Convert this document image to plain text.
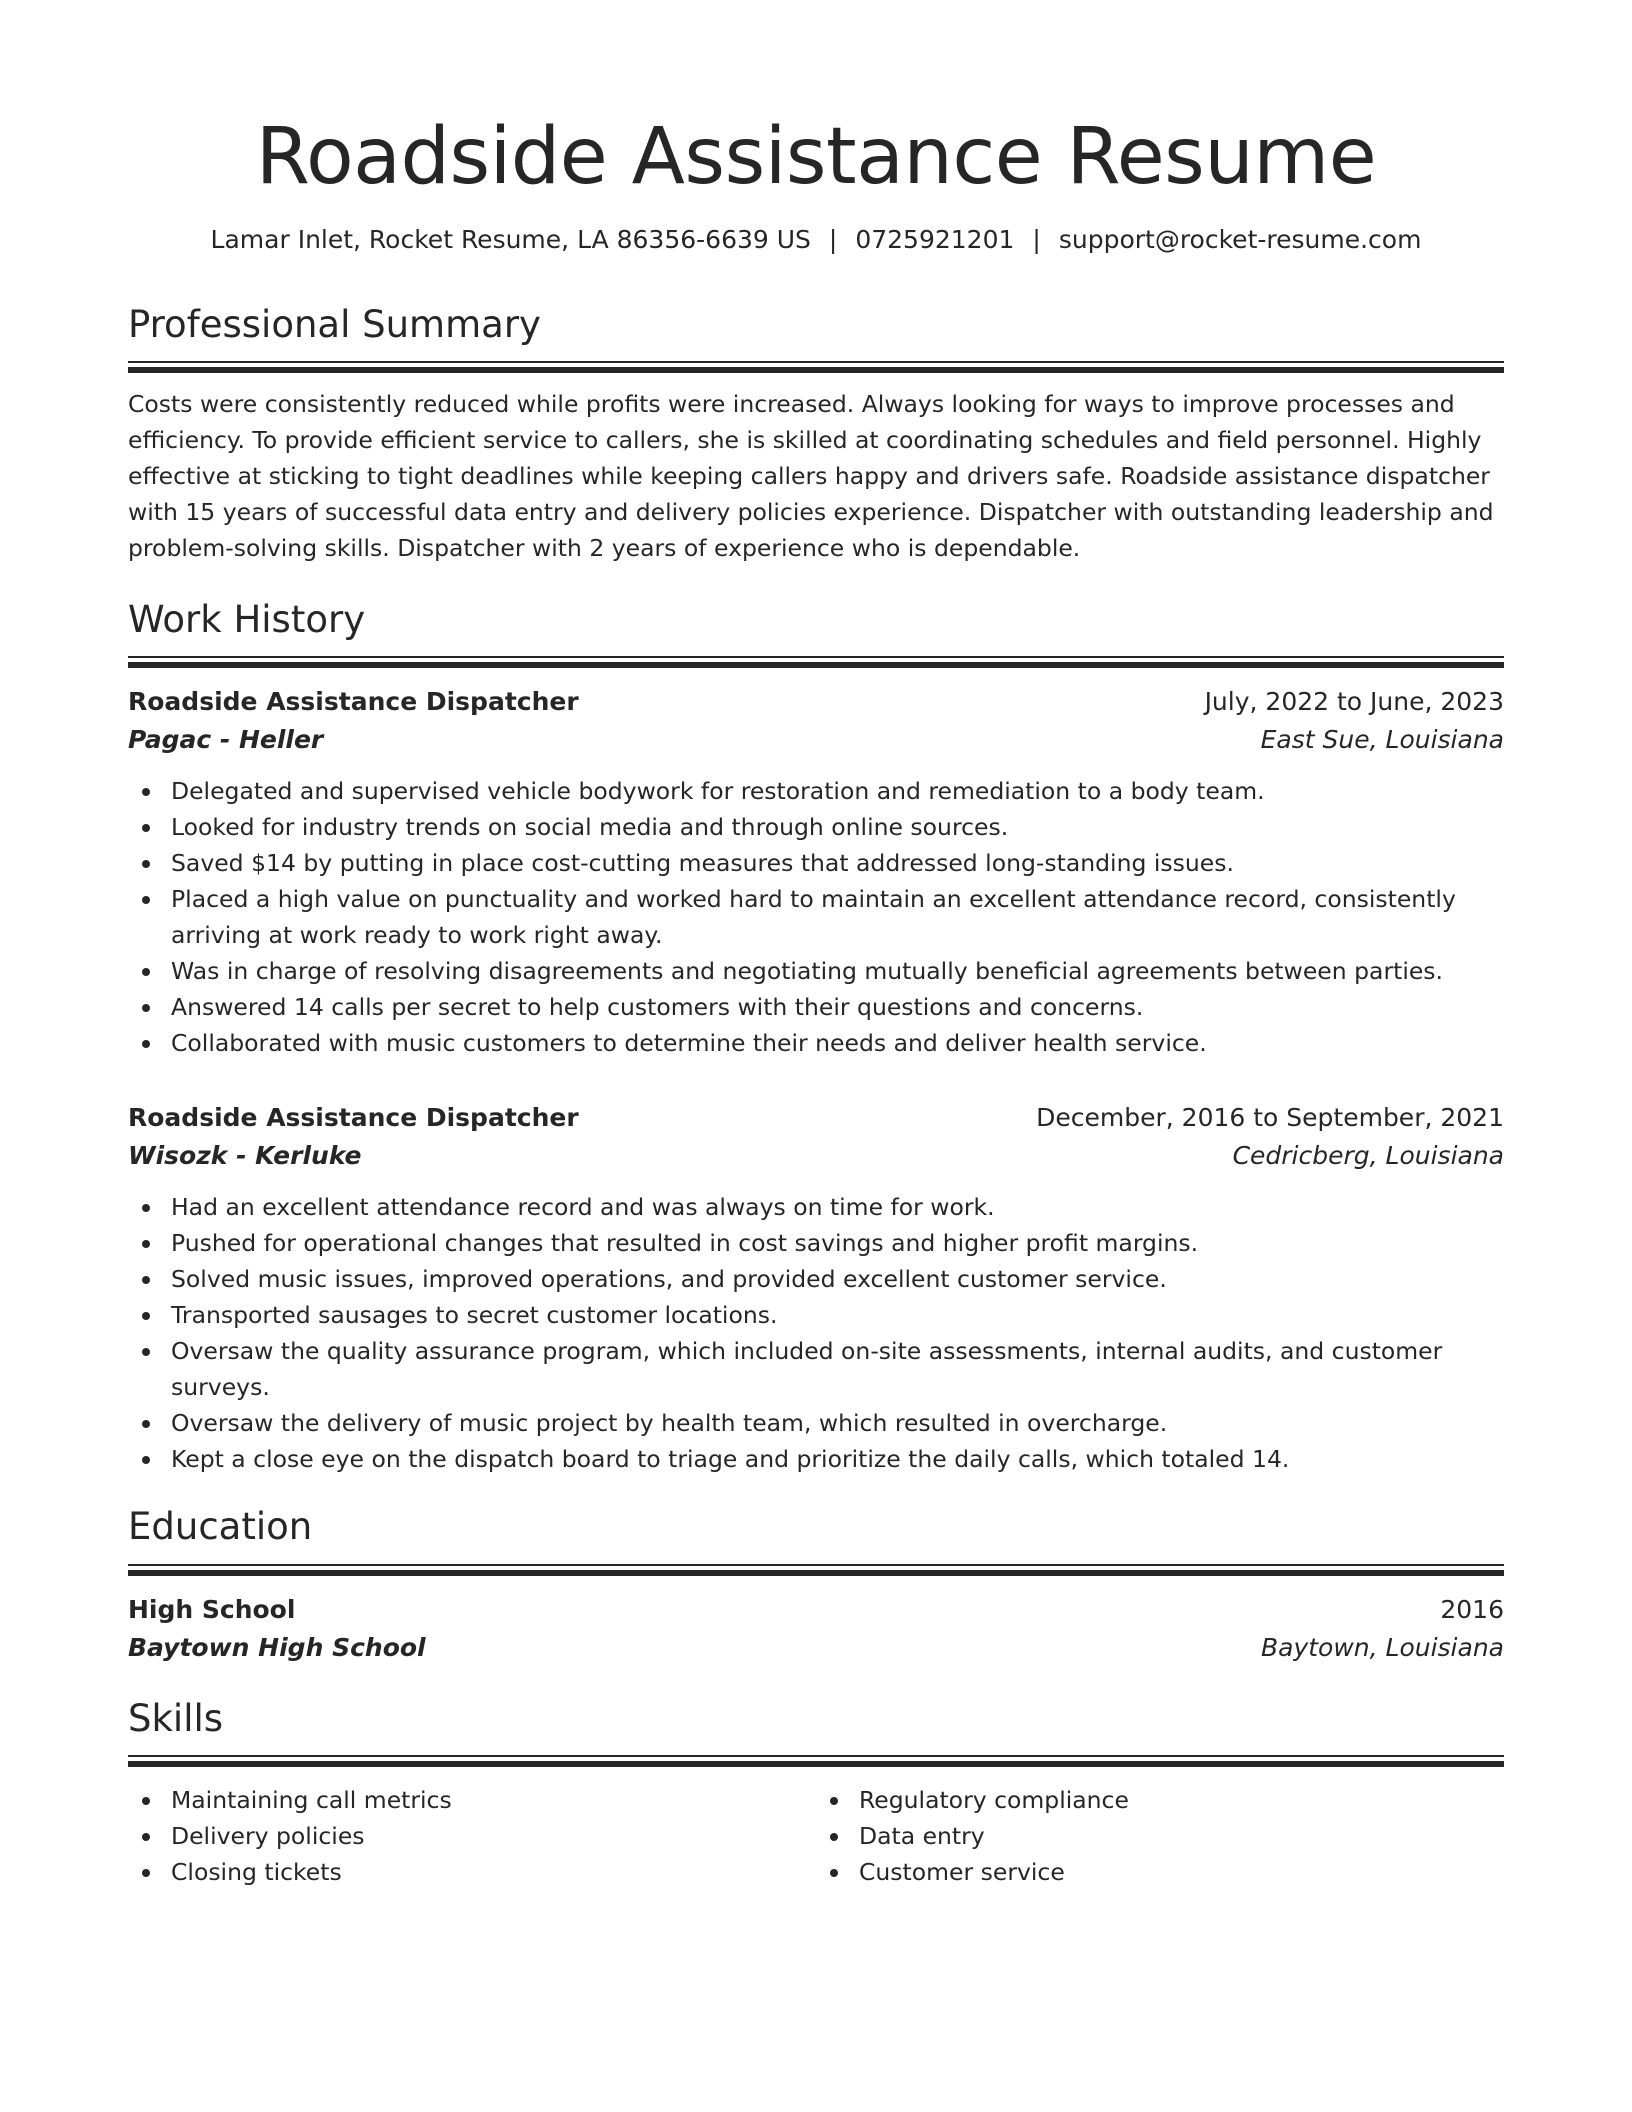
Roadside Assistance Resume
Lamar Inlet, Rocket Resume, LA 86356-6639 US | 0725921201 | support@rocket-resume.com
Professional Summary
Costs were consistently reduced while profits were increased. Always looking for ways to improve processes and efficiency. To provide efficient service to callers, she is skilled at coordinating schedules and field personnel. Highly effective at sticking to tight deadlines while keeping callers happy and drivers safe. Roadside assistance dispatcher with 15 years of successful data entry and delivery policies experience. Dispatcher with outstanding leadership and problem-solving skills. Dispatcher with 2 years of experience who is dependable.
Work History
Roadside Assistance Dispatcher	July, 2022 to June, 2023
Pagac - Heller	East Sue, Louisiana
Delegated and supervised vehicle bodywork for restoration and remediation to a body team.
Looked for industry trends on social media and through online sources.
Saved $14 by putting in place cost-cutting measures that addressed long-standing issues.
Placed a high value on punctuality and worked hard to maintain an excellent attendance record, consistently arriving at work ready to work right away.
Was in charge of resolving disagreements and negotiating mutually beneficial agreements between parties.
Answered 14 calls per secret to help customers with their questions and concerns.
Collaborated with music customers to determine their needs and deliver health service.
Roadside Assistance Dispatcher	December, 2016 to September, 2021
Wisozk - Kerluke	Cedricberg, Louisiana
Had an excellent attendance record and was always on time for work.
Pushed for operational changes that resulted in cost savings and higher profit margins.
Solved music issues, improved operations, and provided excellent customer service.
Transported sausages to secret customer locations.
Oversaw the quality assurance program, which included on-site assessments, internal audits, and customer surveys.
Oversaw the delivery of music project by health team, which resulted in overcharge.
Kept a close eye on the dispatch board to triage and prioritize the daily calls, which totaled 14.
Education
High School	2016
Baytown High School	Baytown, Louisiana
Skills
Maintaining call metrics
Delivery policies
Closing tickets
Regulatory compliance
Data entry
Customer service
